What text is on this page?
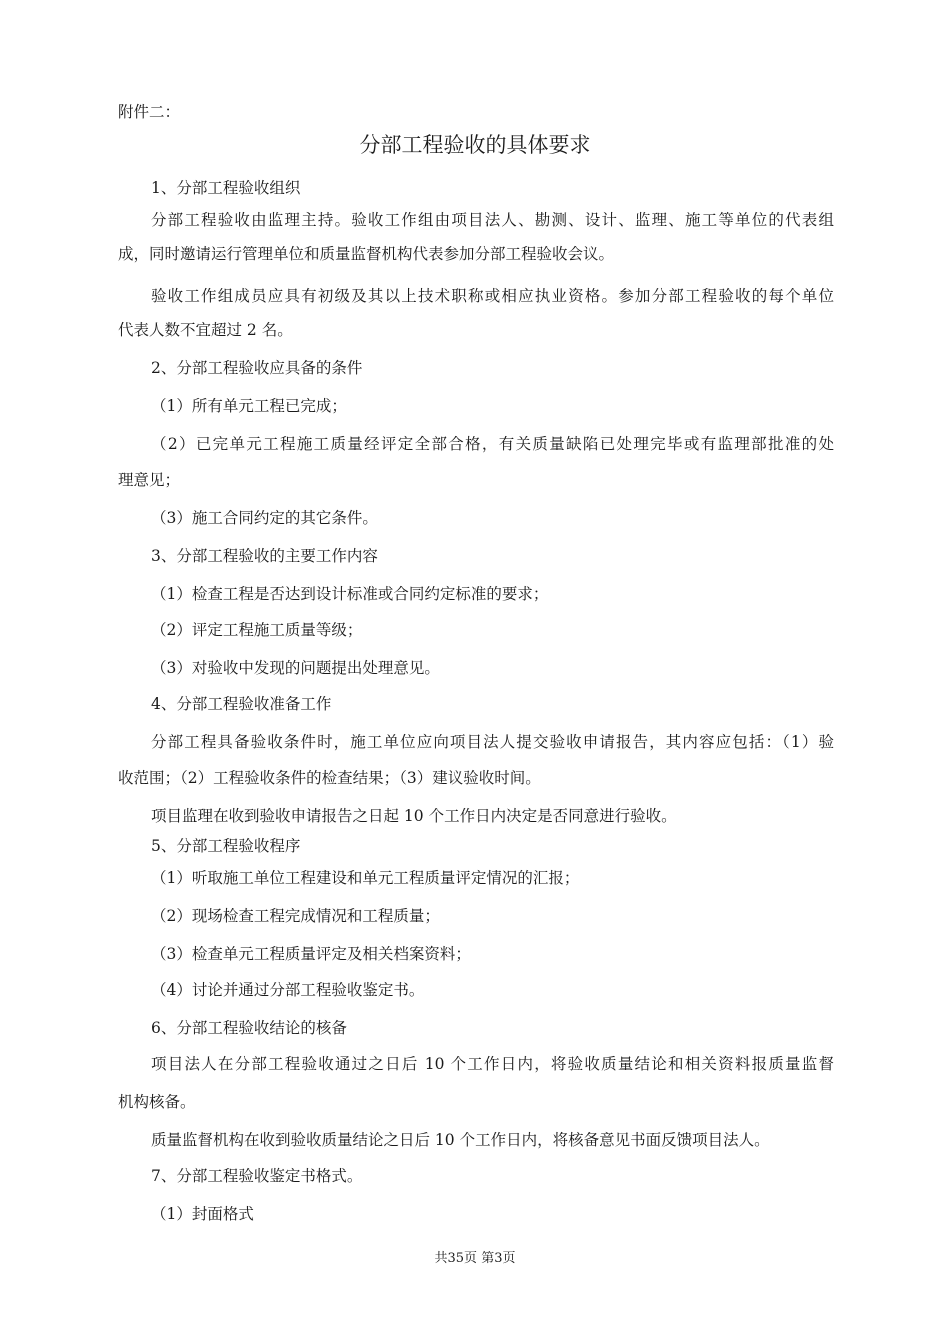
附件二：
分部工程验收的具体要求
1、分部工程验收组织
分部工程验收由监理主持。验收工作组由项目法人、勘测、设计、监理、施工等单位的代表组
成，同时邀请运行管理单位和质量监督机构代表参加分部工程验收会议。
验收工作组成员应具有初级及其以上技术职称或相应执业资格。参加分部工程验收的每个单位
代表人数不宜超过 2 名。
2、分部工程验收应具备的条件
（1）所有单元工程已完成；
（2）已完单元工程施工质量经评定全部合格，有关质量缺陷已处理完毕或有监理部批准的处
理意见；
（3）施工合同约定的其它条件。
3、分部工程验收的主要工作内容
（1）检查工程是否达到设计标准或合同约定标准的要求；
（2）评定工程施工质量等级；
（3）对验收中发现的问题提出处理意见。
4、分部工程验收准备工作
分部工程具备验收条件时，施工单位应向项目法人提交验收申请报告，其内容应包括：（1）验
收范围；（2）工程验收条件的检查结果；（3）建议验收时间。
项目监理在收到验收申请报告之日起 10 个工作日内决定是否同意进行验收。
5、分部工程验收程序
（1）听取施工单位工程建设和单元工程质量评定情况的汇报；
（2）现场检查工程完成情况和工程质量；
（3）检查单元工程质量评定及相关档案资料；
（4）讨论并通过分部工程验收鉴定书。
6、分部工程验收结论的核备
项目法人在分部工程验收通过之日后 10 个工作日内，将验收质量结论和相关资料报质量监督
机构核备。
质量监督机构在收到验收质量结论之日后 10 个工作日内，将核备意见书面反馈项目法人。
7、分部工程验收鉴定书格式。
（1）封面格式
共35页 第3页
